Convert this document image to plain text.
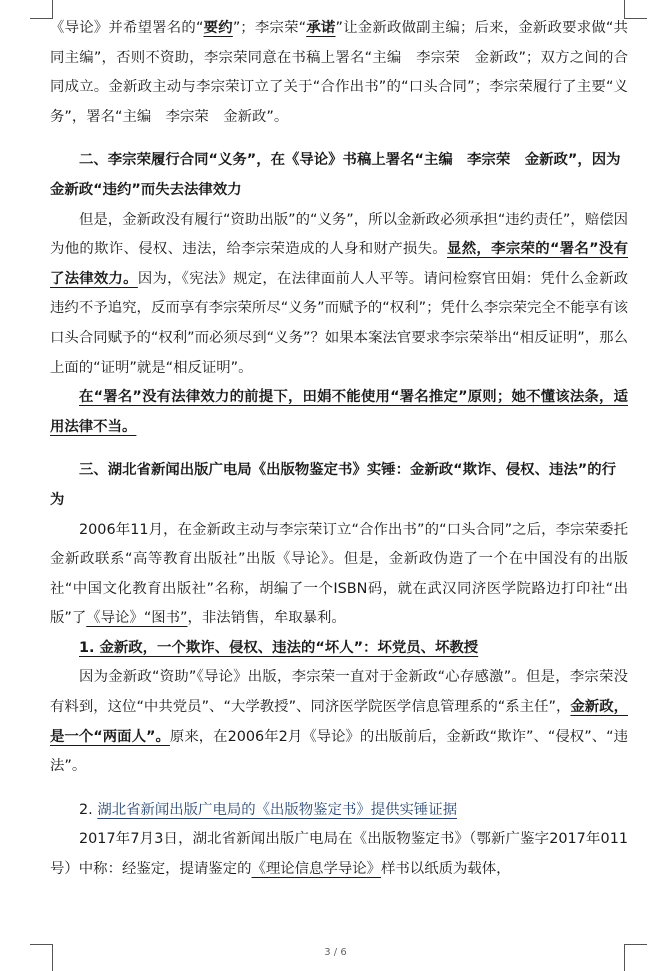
《导论》并希望署名的“要约”；李宗荣“承诺”让金新政做副主编；后来，金新政要求做“共同主编”，否则不资助，李宗荣同意在书稿上署名“主编　李宗荣　金新政”；双方之间的合同成立。金新政主动与李宗荣订立了关于“合作出书”的“口头合同”；李宗荣履行了主要“义务”，署名“主编　李宗荣　金新政”。

二、李宗荣履行合同“义务”，在《导论》书稿上署名“主编　李宗荣　金新政”，因为金新政“违约”而失去法律效力

但是，金新政没有履行“资助出版”的“义务”，所以金新政必须承担“违约责任”，赔偿因为他的欺诈、侵权、违法，给李宗荣造成的人身和财产损失。显然，李宗荣的“署名”没有了法律效力。因为，《宪法》规定，在法律面前人人平等。请问检察官田娟：凭什么金新政违约不予追究，反而享有李宗荣所尽“义务”而赋予的“权利”；凭什么李宗荣完全不能享有该口头合同赋予的“权利”而必须尽到“义务”？如果本案法官要求李宗荣举出“相反证明”，那么上面的“证明”就是“相反证明”。

在“署名”没有法律效力的前提下，田娟不能使用“署名推定”原则；她不懂该法条，适用法律不当。

三、湖北省新闻出版广电局《出版物鉴定书》实锤：金新政“欺诈、侵权、违法”的行为

2006年11月，在金新政主动与李宗荣订立“合作出书”的“口头合同”之后，李宗荣委托金新政联系“高等教育出版社”出版《导论》。但是，金新政伪造了一个在中国没有的出版社“中国文化教育出版社”名称，胡编了一个ISBN码，就在武汉同济医学院路边打印社“出版”了《导论》“图书”，非法销售，牟取暴利。

1. 金新政，一个欺诈、侵权、违法的“坏人”：坏党员、坏教授

因为金新政“资助”《导论》出版，李宗荣一直对于金新政“心存感激”。但是，李宗荣没有料到，这位“中共党员”、“大学教授”、同济医学院医学信息管理系的“系主任”，金新政，是一个“两面人”。原来，在2006年2月《导论》的出版前后，金新政“欺诈”、“侵权”、“违法”。

2. 湖北省新闻出版广电局的《出版物鉴定书》提供实锤证据

2017年7月3日，湖北省新闻出版广电局在《出版物鉴定书》（鄂新广鉴字2017年011号）中称：经鉴定，提请鉴定的《理论信息学导论》样书以纸质为载体，

3 / 6
